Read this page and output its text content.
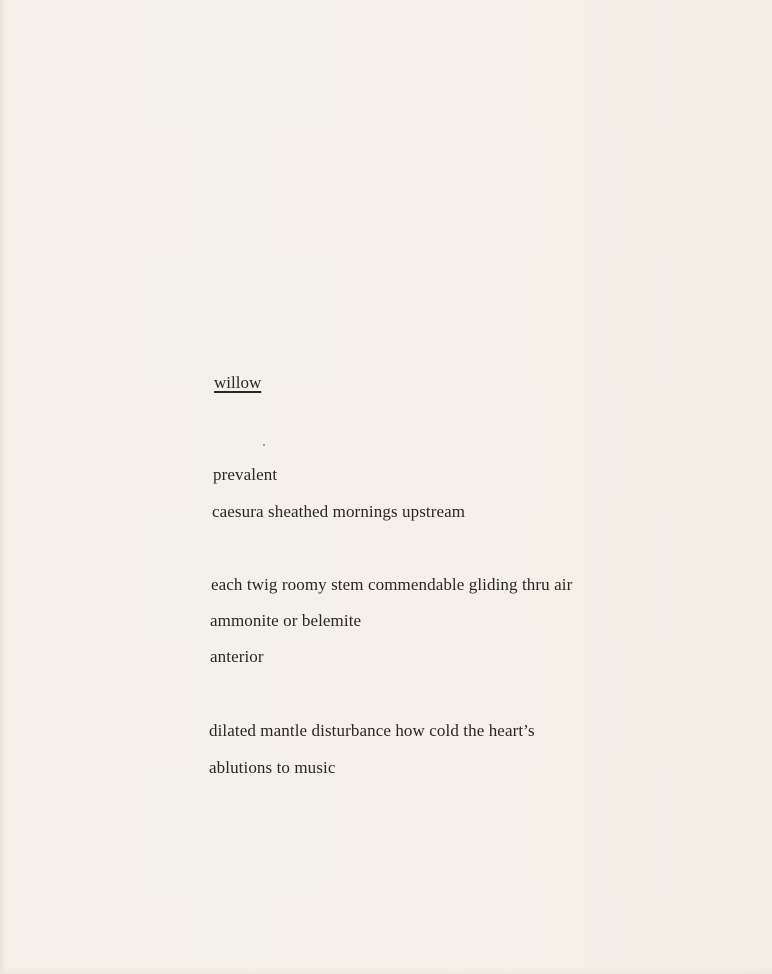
willow
prevalent
caesura sheathed mornings upstream
each twig roomy stem commendable gliding thru air
ammonite or belemite
anterior
dilated mantle disturbance how cold the heart’s
ablutions to music
